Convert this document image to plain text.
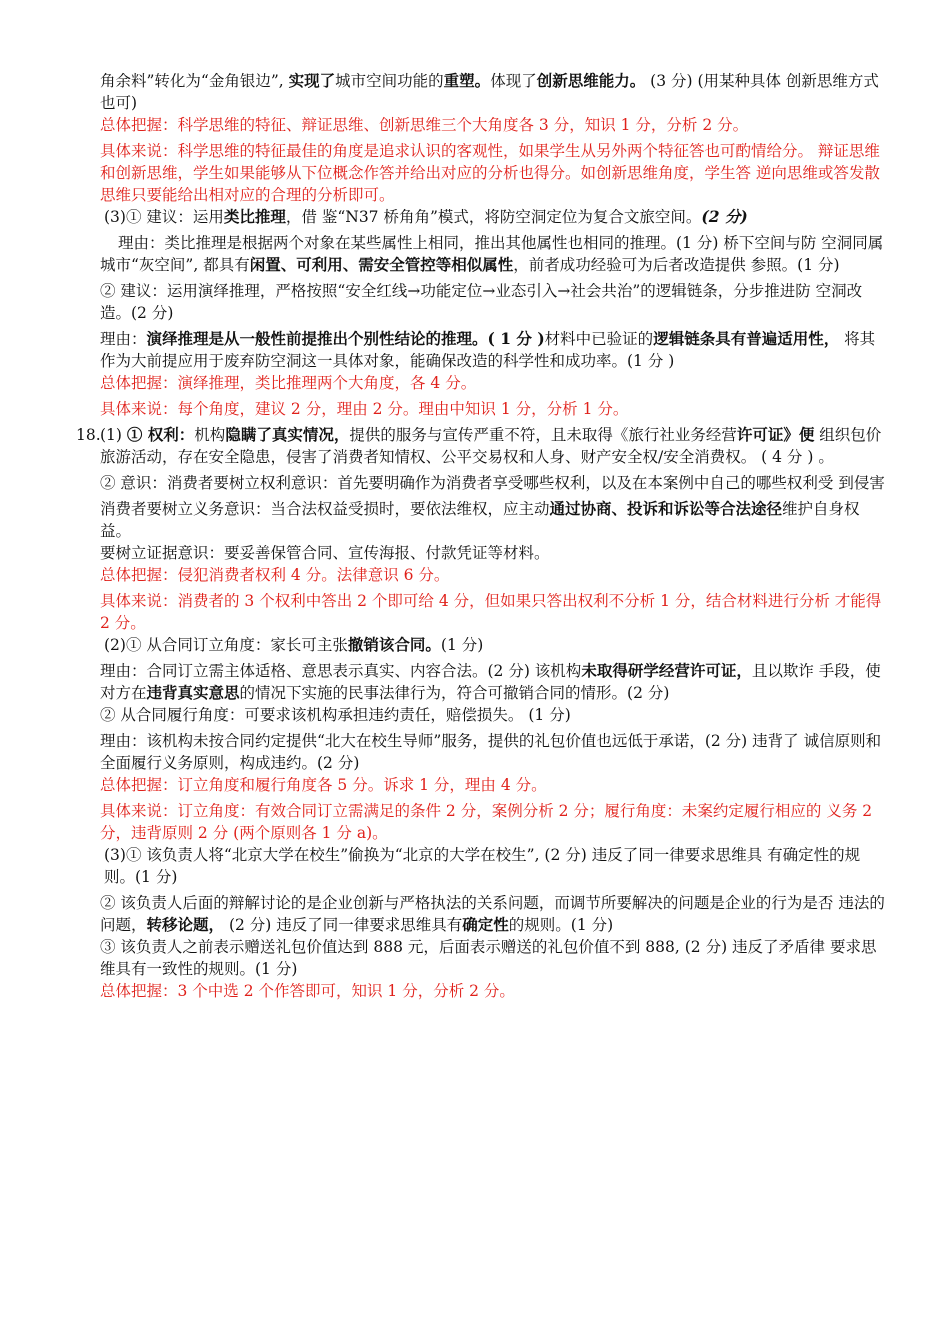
角余料”转化为“金角银边”, 实现了城市空间功能的重塑。体现了创新思维能力。 (3 分) (用某种具体 创新思维方式也可)

总体把握：科学思维的特征、辩证思维、创新思维三个大角度各 3 分，知识 1 分，分析 2 分。

具体来说：科学思维的特征最佳的角度是追求认识的客观性，如果学生从另外两个特征答也可酌情给分。 辩证思维和创新思维，学生如果能够从下位概念作答并给出对应的分析也得分。如创新思维角度，学生答 逆向思维或答发散思维只要能给出相对应的合理的分析即可。

(3)① 建议：运用类比推理，借 鉴“N37 桥角角”模式，将防空洞定位为复合文旅空间。(2 分)

理由：类比推理是根据两个对象在某些属性上相同，推出其他属性也相同的推理。(1 分) 桥下空间与防 空洞同属城市“灰空间”, 都具有闲置、可利用、需安全管控等相似属性，前者成功经验可为后者改造提供 参照。(1 分)

② 建议：运用演绎推理，严格按照“安全红线→功能定位→业态引入→社会共治”的逻辑链条，分步推进防 空洞改造。(2 分)

理由：演绎推理是从一般性前提推出个别性结论的推理。( 1 分 )材料中已验证的逻辑链条具有普遍适用性， 将其作为大前提应用于废弃防空洞这一具体对象，能确保改造的科学性和成功率。(1 分 )

总体把握：演绎推理，类比推理两个大角度，各 4 分。

具体来说：每个角度，建议 2 分，理由 2 分。理由中知识 1 分，分析 1 分。

18. (1) ① 权利：机构隐瞒了真实情况，提供的服务与宣传严重不符，且未取得《旅行社业务经营许可证》便 组织包价旅游活动，存在安全隐患，侵害了消费者知情权、公平交易权和人身、财产安全权/安全消费权。 ( 4 分 ) 。

② 意识：消费者要树立权利意识：首先要明确作为消费者享受哪些权利，以及在本案例中自己的哪些权利受 到侵害

消费者要树立义务意识：当合法权益受损时，要依法维权，应主动通过协商、投诉和诉讼等合法途径维护自身权益。

要树立证据意识：要妥善保管合同、宣传海报、付款凭证等材料。

总体把握：侵犯消费者权利 4 分。法律意识 6 分。

具体来说：消费者的 3 个权利中答出 2 个即可给 4 分，但如果只答出权利不分析 1 分，结合材料进行分析 才能得 2 分。

(2)① 从合同订立角度：家长可主张撤销该合同。(1 分)

理由：合同订立需主体适格、意思表示真实、内容合法。(2 分) 该机构未取得研学经营许可证，且以欺诈 手段，使对方在违背真实意思的情况下实施的民事法律行为，符合可撤销合同的情形。(2 分)

② 从合同履行角度：可要求该机构承担违约责任，赔偿损失。 (1 分)

理由：该机构未按合同约定提供“北大在校生导师”服务，提供的礼包价值也远低于承诺，(2 分) 违背了 诚信原则和全面履行义务原则，构成违约。(2 分)

总体把握：订立角度和履行角度各 5 分。诉求 1 分，理由 4 分。

具体来说：订立角度：有效合同订立需满足的条件 2 分，案例分析 2 分；履行角度：未案约定履行相应的 义务 2 分，违背原则 2 分 (两个原则各 1 分 a)。

(3)① 该负责人将“北京大学在校生”偷换为“北京的大学在校生”, (2 分) 违反了同一律要求思维具 有确定性的规则。(1 分)

② 该负责人后面的辩解讨论的是企业创新与严格执法的关系问题，而调节所要解决的问题是企业的行为是否 违法的问题，转移论题， (2 分) 违反了同一律要求思维具有确定性的规则。(1 分)

③ 该负责人之前表示赠送礼包价值达到 888 元，后面表示赠送的礼包价值不到 888, (2 分) 违反了矛盾律 要求思维具有一致性的规则。(1 分)

总体把握：3 个中选 2 个作答即可，知识 1 分，分析 2 分。
